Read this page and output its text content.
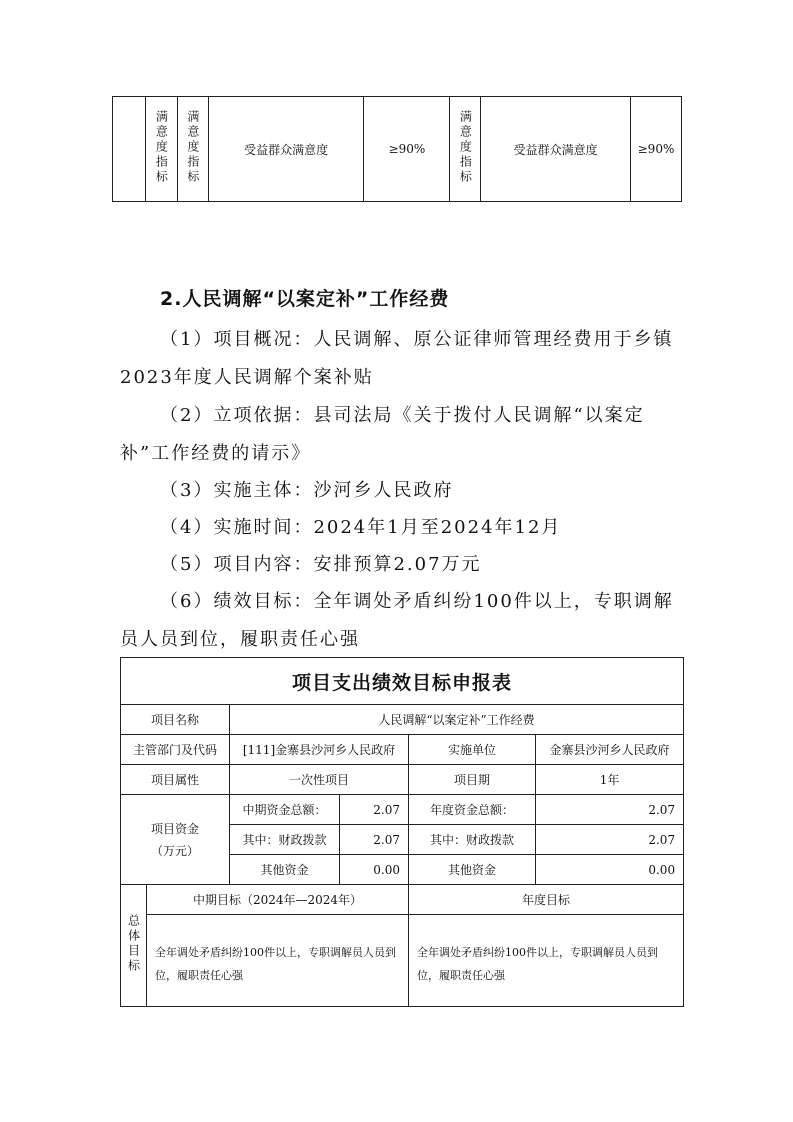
	满意度指标	满意度指标	受益群众满意度	≥90%	满意度指标	受益群众满意度	≥90%
2.人民调解“以案定补”工作经费
（1）项目概况：人民调解、原公证律师管理经费用于乡镇2023年度人民调解个案补贴
（2）立项依据：县司法局《关于拨付人民调解“以案定补”工作经费的请示》
（3）实施主体：沙河乡人民政府
（4）实施时间：2024年1月至2024年12月
（5）项目内容：安排预算2.07万元
（6）绩效目标：全年调处矛盾纠纷100件以上，专职调解员人员到位，履职责任心强
项目支出绩效目标申报表					
项目名称		人民调解“以案定补”工作经费			
主管部门及代码		[111]金寨县沙河乡人民政府		实施单位	金寨县沙河乡人民政府
项目属性		一次性项目		项目期	1年
项目资金（万元）		中期资金总额：	2.07	年度资金总额：	2.07
		其中：财政拨款	2.07	其中：财政拨款	2.07
		其他资金	0.00	其他资金	0.00
总体目标	中期目标（2024年—2024年）			年度目标	
	全年调处矛盾纠纷100件以上，专职调解员人员到位，履职责任心强			全年调处矛盾纠纷100件以上，专职调解员人员到位，履职责任心强	
